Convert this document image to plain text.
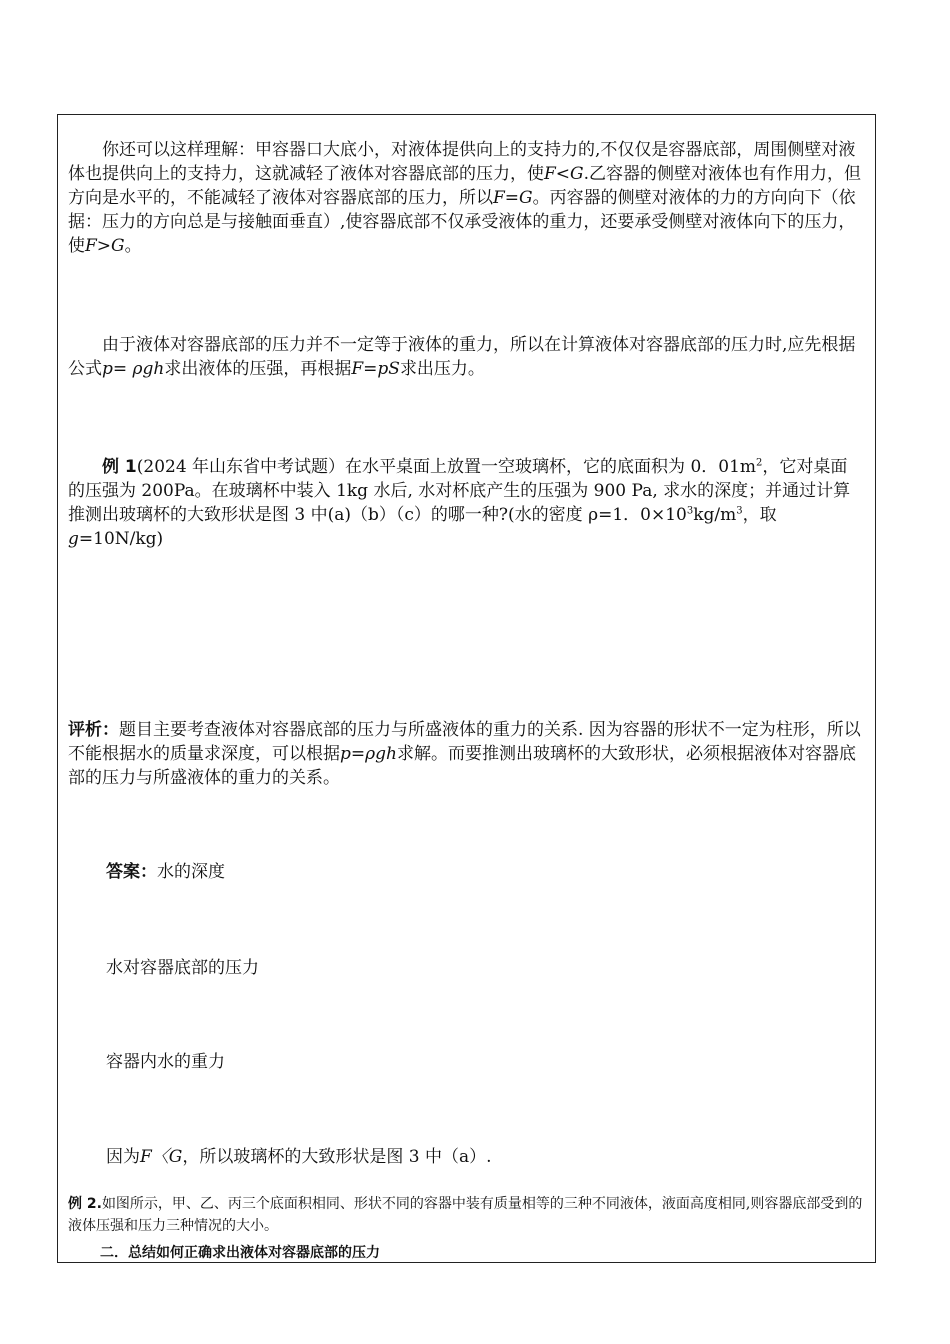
你还可以这样理解：甲容器口大底小，对液体提供向上的支持力的,不仅仅是容器底部，周围侧壁对液体也提供向上的支持力，这就减轻了液体对容器底部的压力，使F<G.乙容器的侧壁对液体也有作用力，但方向是水平的，不能减轻了液体对容器底部的压力，所以F=G。丙容器的侧壁对液体的力的方向向下（依据：压力的方向总是与接触面垂直）,使容器底部不仅承受液体的重力，还要承受侧壁对液体向下的压力，使F>G。

由于液体对容器底部的压力并不一定等于液体的重力，所以在计算液体对容器底部的压力时,应先根据公式p= ρgh求出液体的压强，再根据F=pS求出压力。

例 1(2024 年山东省中考试题）在水平桌面上放置一空玻璃杯，它的底面积为 0．$01m^2$，它对桌面的压强为 200Pa。在玻璃杯中装入 1kg 水后, 水对杯底产生的压强为 900 Pa, 求水的深度；并通过计算推测出玻璃杯的大致形状是图 3 中(a)（b）（c）的哪一种?(水的密度 ρ=1．$0\times 10^3kg/m^3$，取g=10N/kg)

评析：题目主要考查液体对容器底部的压力与所盛液体的重力的关系. 因为容器的形状不一定为柱形，所以不能根据水的质量求深度，可以根据p=ρgh求解。而要推测出玻璃杯的大致形状，必须根据液体对容器底部的压力与所盛液体的重力的关系。

答案：水的深度

水对容器底部的压力

容器内水的重力

因为F〈G，所以玻璃杯的大致形状是图 3 中（a）.

例 2.如图所示，甲、乙、丙三个底面积相同、形状不同的容器中装有质量相等的三种不同液体，液面高度相同,则容器底部受到的液体压强和压力三种情况的大小。

二．总结如何正确求出液体对容器底部的压力
